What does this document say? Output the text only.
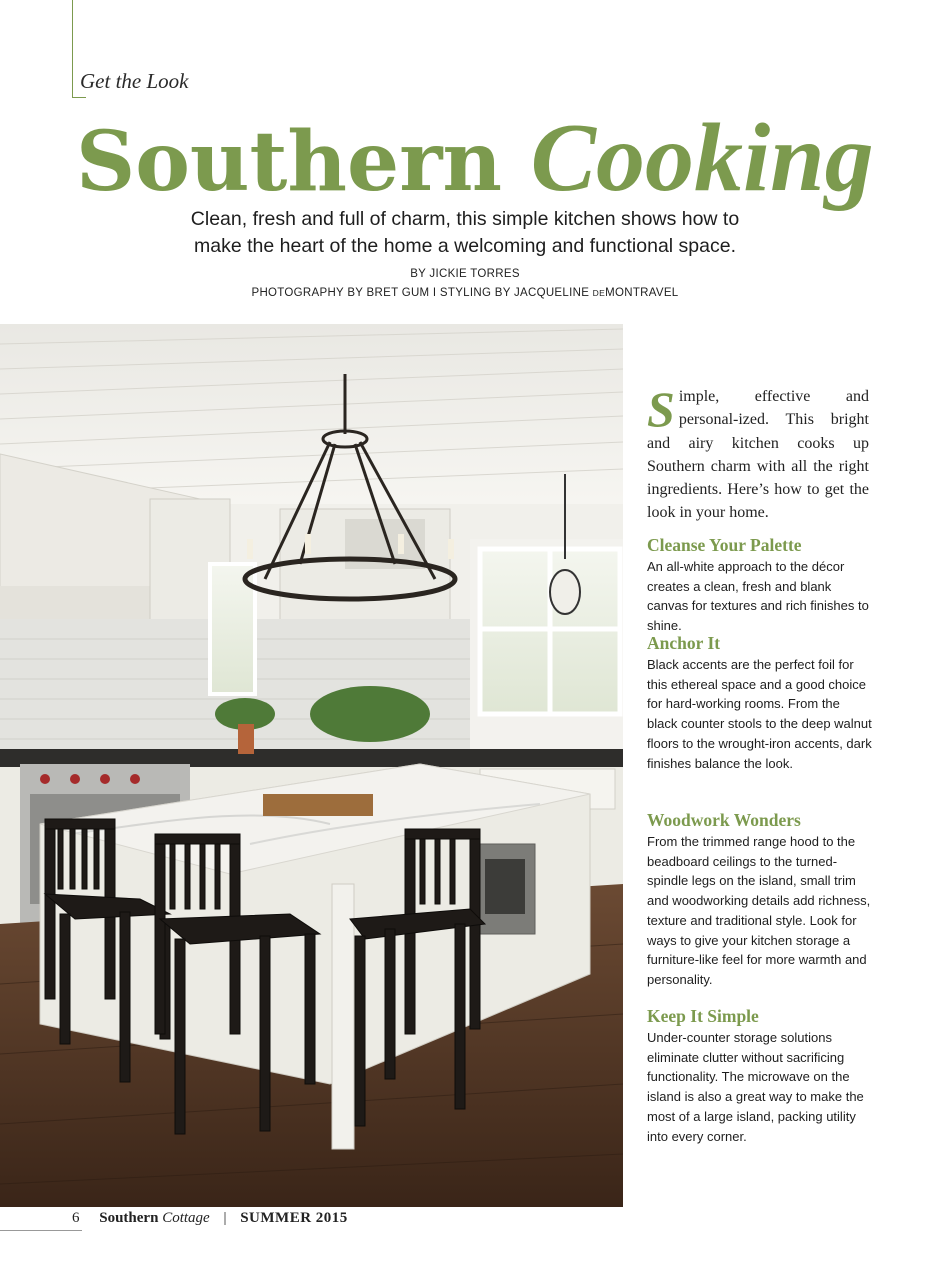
Get the Look
Southern Cooking
Clean, fresh and full of charm, this simple kitchen shows how to
make the heart of the home a welcoming and functional space.
BY JICKIE TORRES
PHOTOGRAPHY BY BRET GUM I STYLING BY JACQUELINE DEMONTRAVEL
Simple, effective and personal-ized. This bright and airy kitchen cooks up Southern charm with all the right ingredients. Here’s how to get the look in your home.
Cleanse Your Palette
An all-white approach to the décor creates a clean, fresh and blank canvas for textures and rich finishes to shine.
Anchor It
Black accents are the perfect foil for this ethereal space and a good choice for hard-working rooms. From the black counter stools to the deep walnut floors to the wrought-iron accents, dark finishes balance the look.
Woodwork Wonders
From the trimmed range hood to the beadboard ceilings to the turned-spindle legs on the island, small trim and woodworking details add richness, texture and traditional style. Look for ways to give your kitchen storage a furniture-like feel for more warmth and personality.
Keep It Simple
Under-counter storage solutions eliminate clutter without sacrificing functionality. The microwave on the island is also a great way to make the most of a large island, packing utility into every corner.
6 Southern Cottage | SUMMER 2015
